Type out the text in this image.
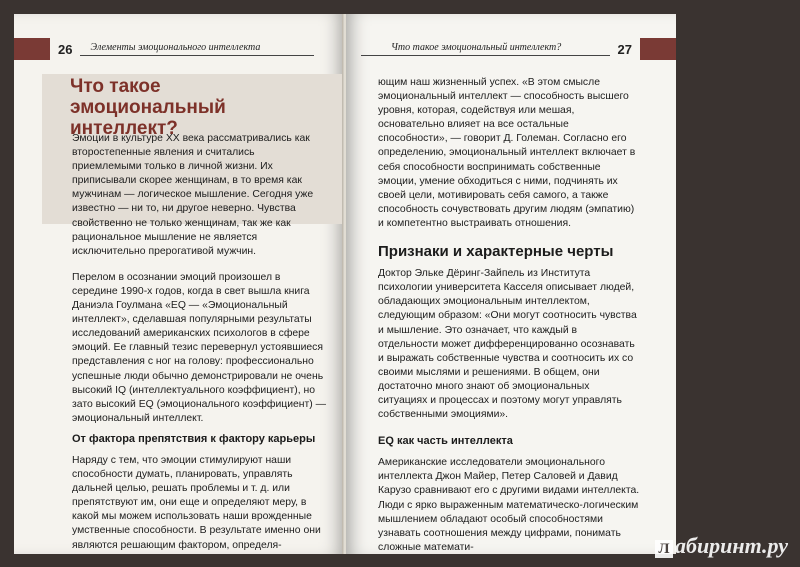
26	Элементы эмоционального интеллекта
Что такое эмоциональный интеллект?

Эмоции в культуре XX века рассматривались как второстепенные явления и считались приемлемыми только в личной жизни. Их приписывали скорее женщинам, в то время как мужчинам — логическое мышление. Сегодня уже известно — ни то, ни другое неверно. Чувства свойственно не только женщинам, так же как рациональное мышление не является исключительно прерогативой мужчин.

Перелом в осознании эмоций произошел в середине 1990-х годов, когда в свет вышла книга Даниэла Гоулмана «EQ — «Эмоциональный интеллект», сделавшая популярными результаты исследований американских психологов в сфере эмоций. Ее главный тезис перевернул устоявшиеся представления с ног на голову: профессионально успешные люди обычно демонстрировали не очень высокий IQ (интеллектуального коэффициент), но зато высокий EQ (эмоционального коэффициент) — эмоциональный интеллект.

От фактора препятствия к фактору карьеры

Наряду с тем, что эмоции стимулируют наши способности думать, планировать, управлять дальней целью, решать проблемы и т. д. или препятствуют им, они еще и определяют меру, в какой мы можем использовать наши врожденные умственные способности. В результате именно они являются решающим фактором, определя-

Что такое эмоциональный интеллект?	27

ющим наш жизненный успех. «В этом смысле эмоциональный интеллект — способность высшего уровня, которая, содействуя или мешая, основательно влияет на все остальные способности», — говорит Д. Големан. Согласно его определению, эмоциональный интеллект включает в себя способности воспринимать собственные эмоции, умение обходиться с ними, подчинять их своей цели, мотивировать себя самого, а также способность сочувствовать другим людям (эмпатию) и компетентно выстраивать отношения.

Признаки и характерные черты

Доктор Эльке Дёринг-Зайпель из Института психологии университета Касселя описывает людей, обладающих эмоциональным интеллектом, следующим образом: «Они могут соотносить чувства и мышление. Это означает, что каждый в отдельности может дифференцированно осознавать и выражать собственные чувства и соотносить их со своими мыслями и решениями. В общем, они достаточно много знают об эмоциональных ситуациях и процессах и поэтому могут управлять собственными эмоциями».

EQ как часть интеллекта

Американские исследователи эмоционального интеллекта Джон Майер, Петер Саловей и Давид Карузо сравнивают его с другими видами интеллекта. Люди с ярко выраженным математическо-логическим мышлением обладают особый способностями узнавать соотношения между цифрами, понимать сложные математи-	Л абиринт.ру
